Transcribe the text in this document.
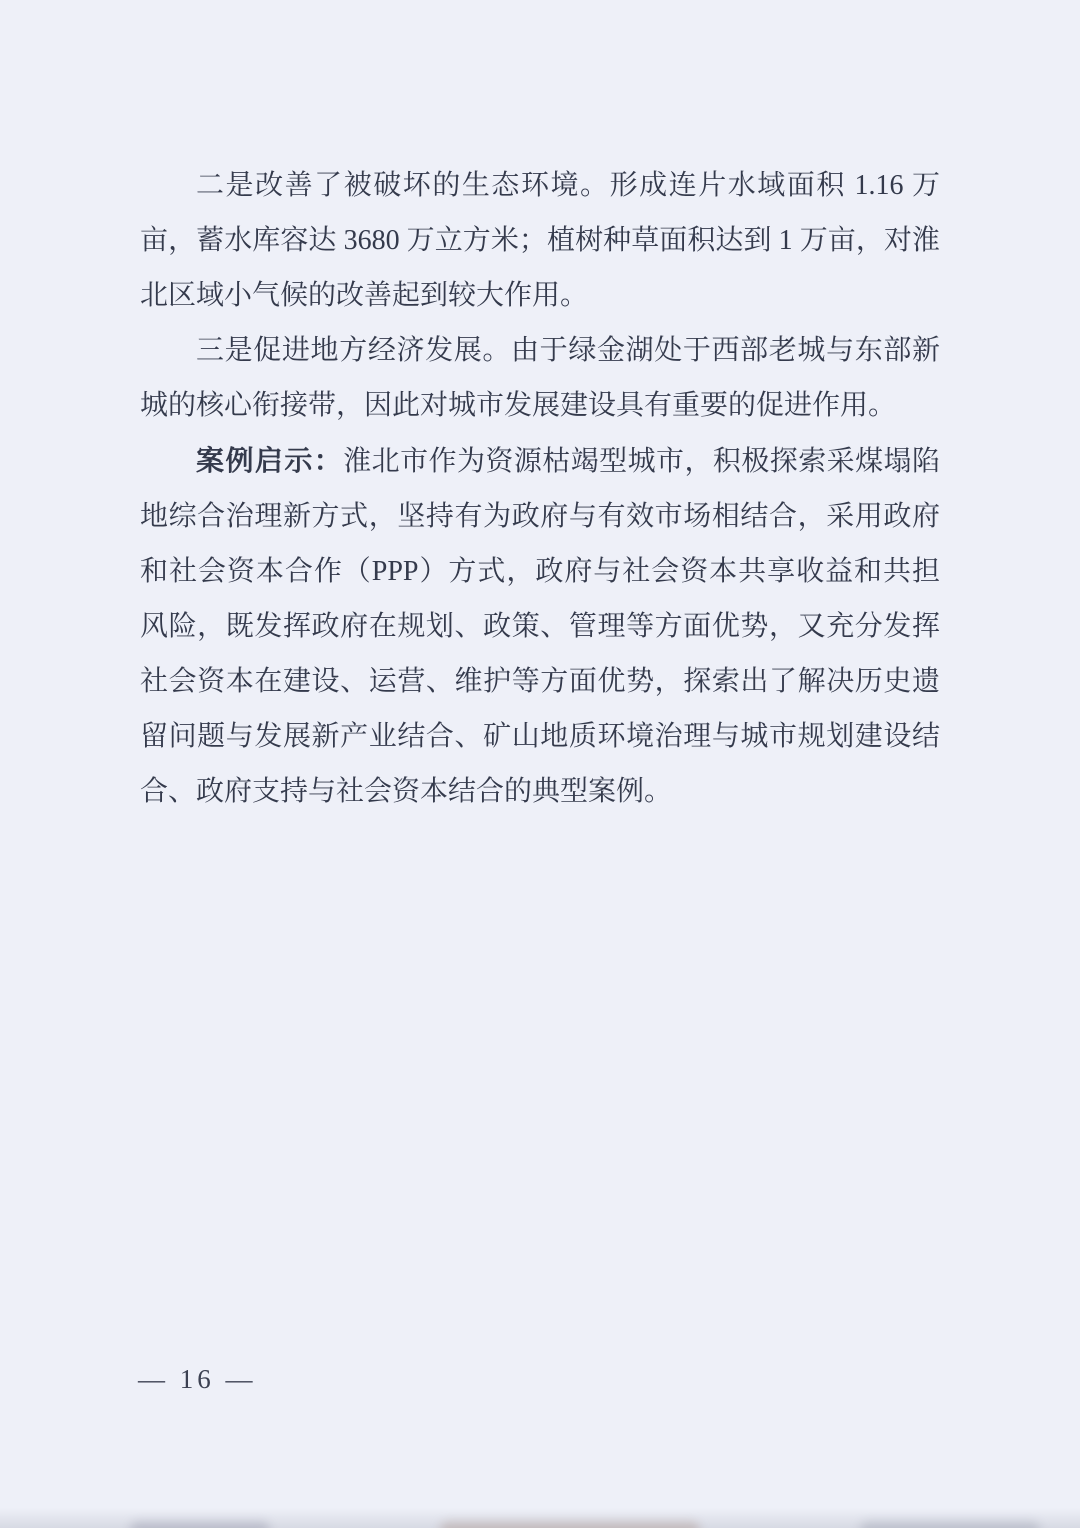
二是改善了被破坏的生态环境。形成连片水域面积 1.16 万亩，蓄水库容达 3680 万立方米；植树种草面积达到 1 万亩，对淮北区域小气候的改善起到较大作用。

三是促进地方经济发展。由于绿金湖处于西部老城与东部新城的核心衔接带，因此对城市发展建设具有重要的促进作用。

案例启示：淮北市作为资源枯竭型城市，积极探索采煤塌陷地综合治理新方式，坚持有为政府与有效市场相结合，采用政府和社会资本合作（PPP）方式，政府与社会资本共享收益和共担风险，既发挥政府在规划、政策、管理等方面优势，又充分发挥社会资本在建设、运营、维护等方面优势，探索出了解决历史遗留问题与发展新产业结合、矿山地质环境治理与城市规划建设结合、政府支持与社会资本结合的典型案例。

— 16 —
